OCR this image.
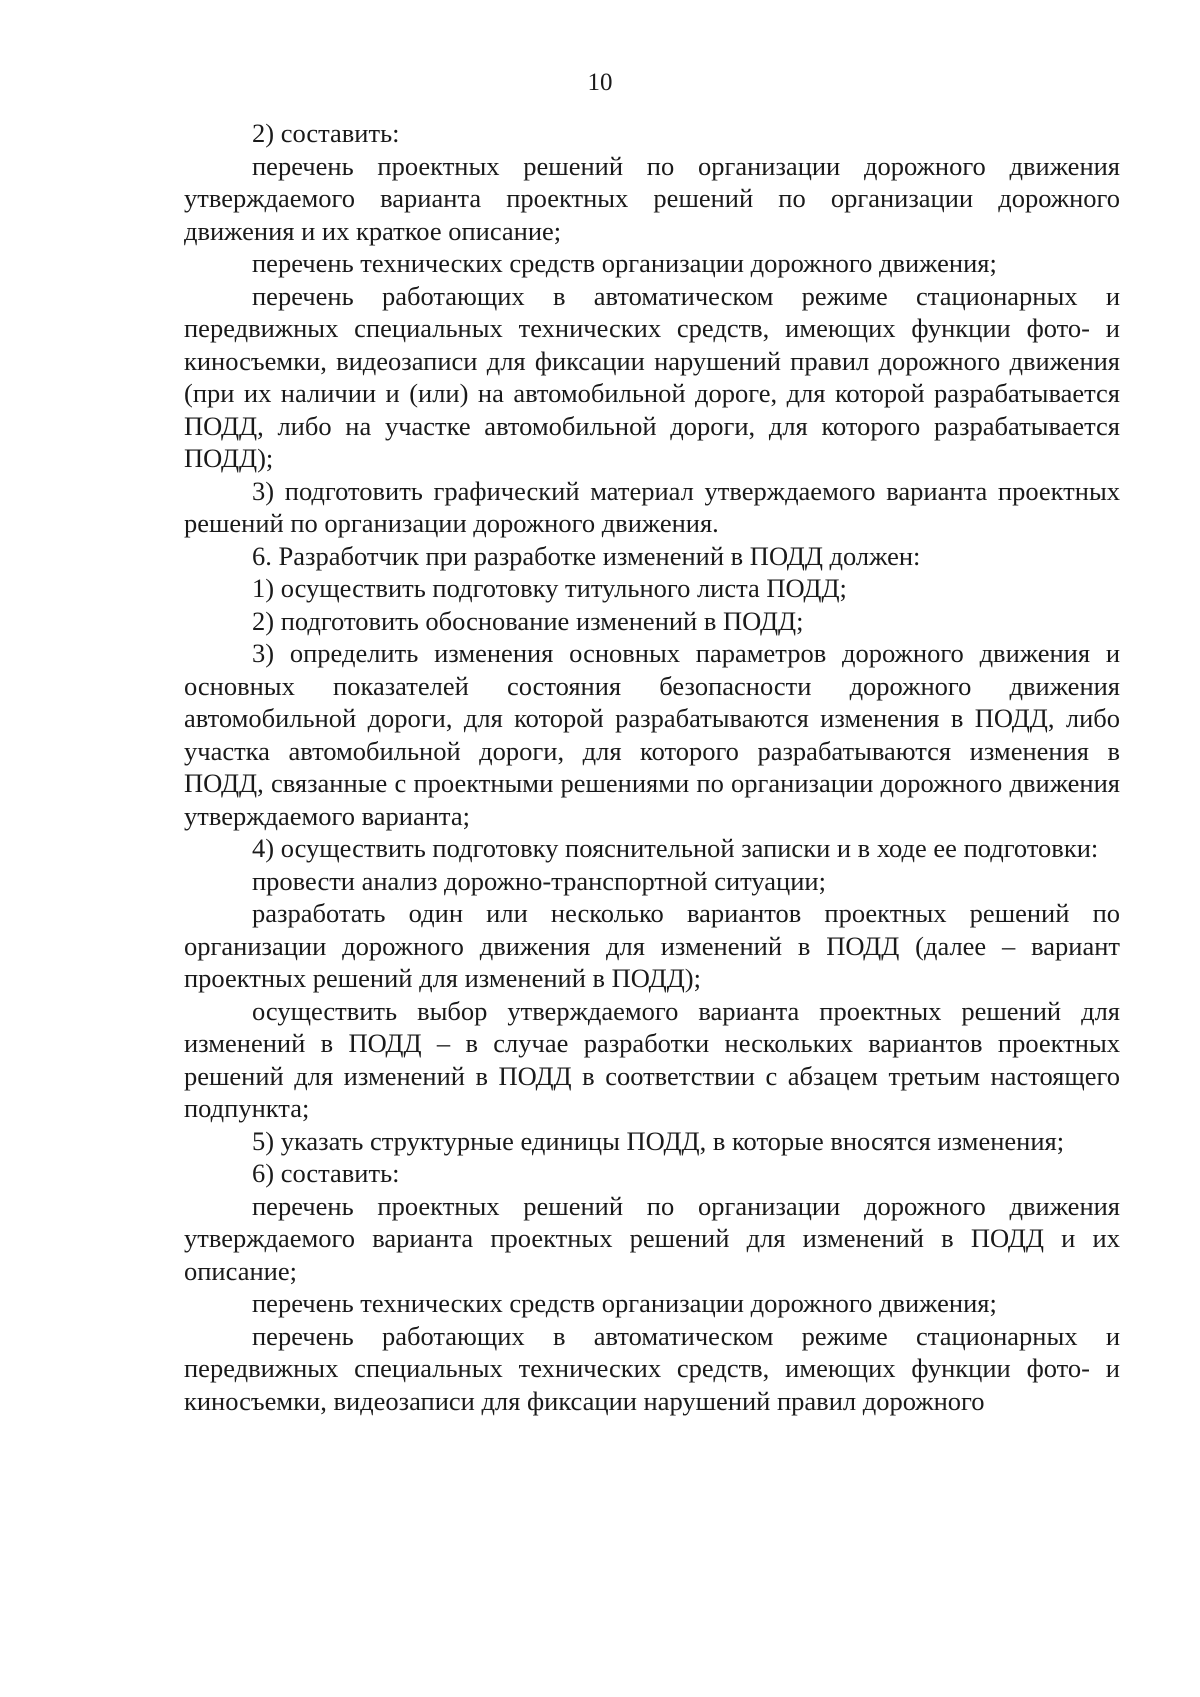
10

2) составить:

перечень проектных решений по организации дорожного движения утверждаемого варианта проектных решений по организации дорожного движения и их краткое описание;

перечень технических средств организации дорожного движения;

перечень работающих в автоматическом режиме стационарных и передвижных специальных технических средств, имеющих функции фото- и киносъемки, видеозаписи для фиксации нарушений правил дорожного движения (при их наличии и (или) на автомобильной дороге, для которой разрабатывается ПОДД, либо на участке автомобильной дороги, для которого разрабатывается ПОДД);

3) подготовить графический материал утверждаемого варианта проектных решений по организации дорожного движения.

6. Разработчик при разработке изменений в ПОДД должен:

1) осуществить подготовку титульного листа ПОДД;

2) подготовить обоснование изменений в ПОДД;

3) определить изменения основных параметров дорожного движения и основных показателей состояния безопасности дорожного движения автомобильной дороги, для которой разрабатываются изменения в ПОДД, либо участка автомобильной дороги, для которого разрабатываются изменения в ПОДД, связанные с проектными решениями по организации дорожного движения утверждаемого варианта;

4) осуществить подготовку пояснительной записки и в ходе ее подготовки:

провести анализ дорожно-транспортной ситуации;

разработать один или несколько вариантов проектных решений по организации дорожного движения для изменений в ПОДД (далее – вариант проектных решений для изменений в ПОДД);

осуществить выбор утверждаемого варианта проектных решений для изменений в ПОДД – в случае разработки нескольких вариантов проектных решений для изменений в ПОДД в соответствии с абзацем третьим настоящего подпункта;

5) указать структурные единицы ПОДД, в которые вносятся изменения;

6) составить:

перечень проектных решений по организации дорожного движения утверждаемого варианта проектных решений для изменений в ПОДД и их описание;

перечень технических средств организации дорожного движения;

перечень работающих в автоматическом режиме стационарных и передвижных специальных технических средств, имеющих функции фото- и киносъемки, видеозаписи для фиксации нарушений правил дорожного
